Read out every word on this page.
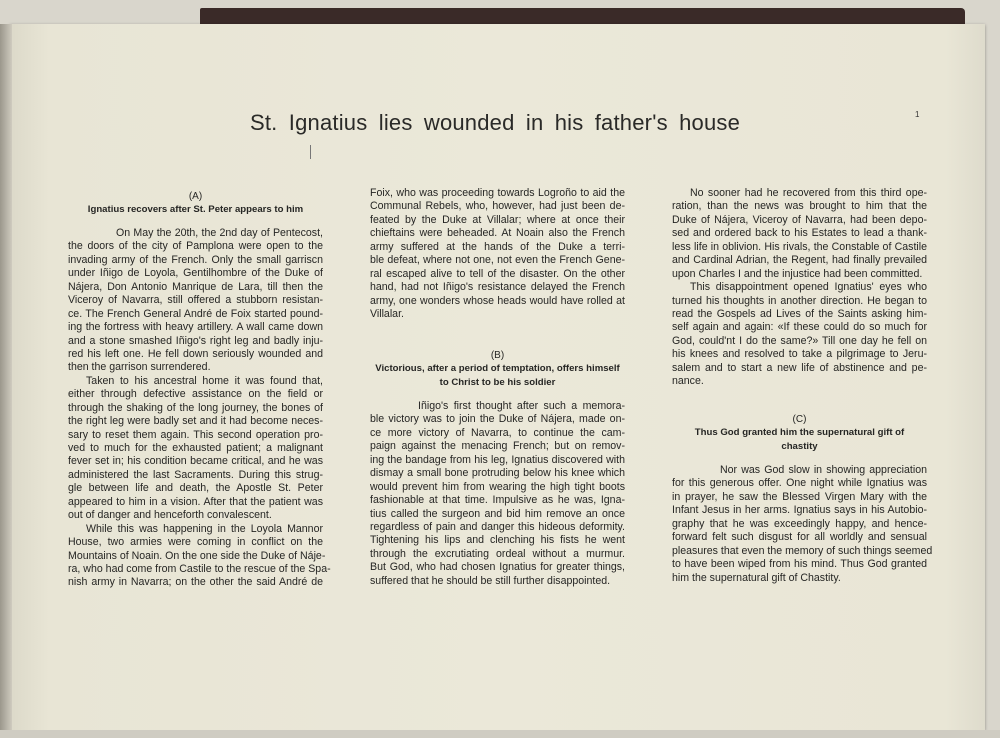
St. Ignatius lies wounded in his father's house	1
(A)
Ignatius recovers after St. Peter appears to him
On May the 20th, the 2nd day of Pentecost,
the doors of the city of Pamplona were open to the
invading army of the French. Only the small garriscn
under Iñigo de Loyola, Gentilhombre of the Duke of
Nájera, Don Antonio Manrique de Lara, till then the
Viceroy of Navarra, still offered a stubborn resistan-
ce. The French General André de Foix started pound-
ing the fortress with heavy artillery. A wall came down
and a stone smashed Iñigo's right leg and badly inju-
red his left one. He fell down seriously wounded and
then the garrison surrendered.
Taken to his ancestral home it was found that,
either through defective assistance on the field or
through the shaking of the long journey, the bones of
the right leg were badly set and it had become neces-
sary to reset them again. This second operation pro-
ved to much for the exhausted patient; a malignant
fever set in; his condition became critical, and he was
administered the last Sacraments. During this strug-
gle between life and death, the Apostle St. Peter
appeared to him in a vision. After that the patient was
out of danger and henceforth convalescent.
While this was happening in the Loyola Mannor
House, two armies were coming in conflict on the
Mountains of Noain. On the one side the Duke of Náje-
ra, who had come from Castile to the rescue of the Spa-
nish army in Navarra; on the other the said André de
Foix, who was proceeding towards Logroño to aid the
Communal Rebels, who, however, had just been de-
feated by the Duke at Villalar; where at once their
chieftains were beheaded. At Noain also the French
army suffered at the hands of the Duke a terri-
ble defeat, where not one, not even the French Gene-
ral escaped alive to tell of the disaster. On the other
hand, had not Iñigo's resistance delayed the French
army, one wonders whose heads would have rolled at
Villalar.
(B)
Victorious, after a period of temptation, offers himself
to Christ to be his soldier
Iñigo's first thought after such a memora-
ble victory was to join the Duke of Nájera, made on-
ce more victory of Navarra, to continue the cam-
paign against the menacing French; but on remov-
ing the bandage from his leg, Ignatius discovered with
dismay a small bone protruding below his knee which
would prevent him from wearing the high tight boots
fashionable at that time. Impulsive as he was, Igna-
tius called the surgeon and bid him remove an once
regardless of pain and danger this hideous deformity.
Tightening his lips and clenching his fists he went
through the excrutiating ordeal without a murmur.
But God, who had chosen Ignatius for greater things,
suffered that he should be still further disappointed.
No sooner had he recovered from this third ope-
ration, than the news was brought to him that the
Duke of Nájera, Viceroy of Navarra, had been depo-
sed and ordered back to his Estates to lead a thank-
less life in oblivion. His rivals, the Constable of Castile
and Cardinal Adrian, the Regent, had finally prevailed
upon Charles I and the injustice had been committed.
This disappointment opened Ignatius' eyes who
turned his thoughts in another direction. He began to
read the Gospels ad Lives of the Saints asking him-
self again and again: «If these could do so much for
God, could'nt I do the same?» Till one day he fell on
his knees and resolved to take a pilgrimage to Jeru-
salem and to start a new life of abstinence and pe-
nance.
(C)
Thus God granted him the supernatural gift of
chastity
Nor was God slow in showing appreciation
for this generous offer. One night while Ignatius was
in prayer, he saw the Blessed Virgen Mary with the
Infant Jesus in her arms. Ignatius says in his Autobio-
graphy that he was exceedingly happy, and hence-
forward felt such disgust for all worldly and sensual
pleasures that even the memory of such things seemed
to have been wiped from his mind. Thus God granted
him the supernatural gift of Chastity.
